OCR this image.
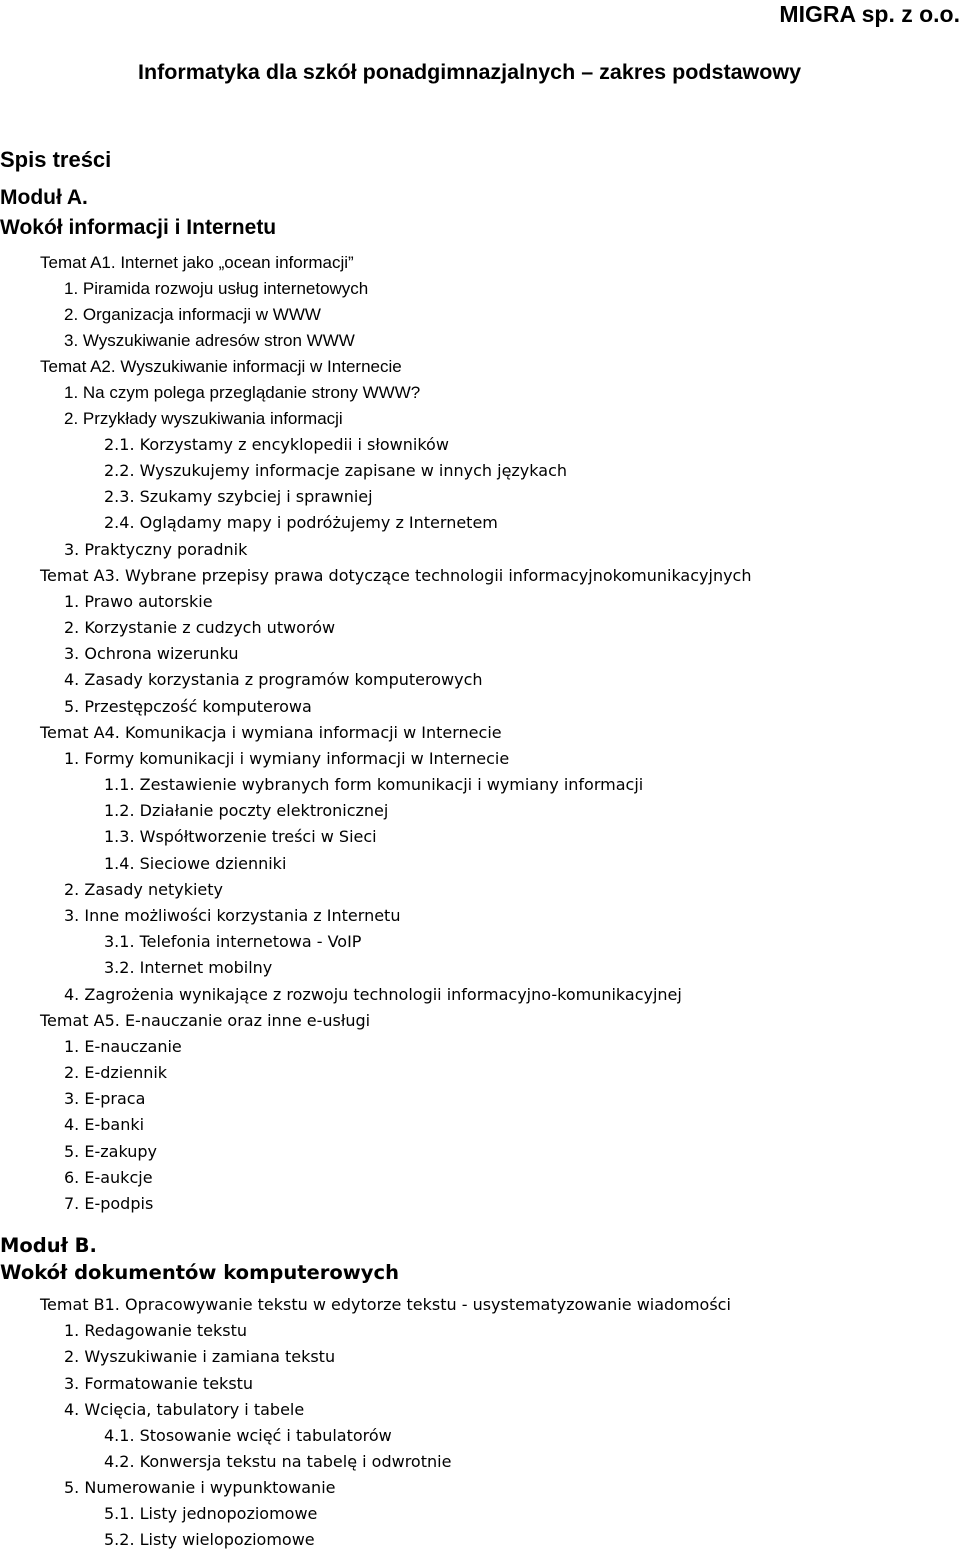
MIGRA sp. z o.o.
Informatyka dla szkół ponadgimnazjalnych – zakres podstawowy
Spis treści
Moduł A.
Wokół informacji i Internetu
Temat A1. Internet jako „ocean informacji”
1. Piramida rozwoju usług internetowych
2. Organizacja informacji w WWW
3. Wyszukiwanie adresów stron WWW
Temat A2. Wyszukiwanie informacji w Internecie
1. Na czym polega przeglądanie strony WWW?
2. Przykłady wyszukiwania informacji
2.1. Korzystamy z encyklopedii i słowników
2.2. Wyszukujemy informacje zapisane w innych językach
2.3. Szukamy szybciej i sprawniej
2.4. Oglądamy mapy i podróżujemy z Internetem
3. Praktyczny poradnik
Temat A3. Wybrane przepisy prawa dotyczące technologii informacyjnokomunikacyjnych
1. Prawo autorskie
2. Korzystanie z cudzych utworów
3. Ochrona wizerunku
4. Zasady korzystania z programów komputerowych
5. Przestępczość komputerowa
Temat A4. Komunikacja i wymiana informacji w Internecie
1. Formy komunikacji i wymiany informacji w Internecie
1.1. Zestawienie wybranych form komunikacji i wymiany informacji
1.2. Działanie poczty elektronicznej
1.3. Współtworzenie treści w Sieci
1.4. Sieciowe dzienniki
2. Zasady netykiety
3. Inne możliwości korzystania z Internetu
3.1. Telefonia internetowa - VoIP
3.2. Internet mobilny
4. Zagrożenia wynikające z rozwoju technologii informacyjno-komunikacyjnej
Temat A5. E-nauczanie oraz inne e-usługi
1. E-nauczanie
2. E-dziennik
3. E-praca
4. E-banki
5. E-zakupy
6. E-aukcje
7. E-podpis
Moduł B.
Wokół dokumentów komputerowych
Temat B1. Opracowywanie tekstu w edytorze tekstu - usystematyzowanie wiadomości
1. Redagowanie tekstu
2. Wyszukiwanie i zamiana tekstu
3. Formatowanie tekstu
4. Wcięcia, tabulatory i tabele
4.1. Stosowanie wcięć i tabulatorów
4.2. Konwersja tekstu na tabelę i odwrotnie
5. Numerowanie i wypunktowanie
5.1. Listy jednopoziomowe
5.2. Listy wielopoziomowe
